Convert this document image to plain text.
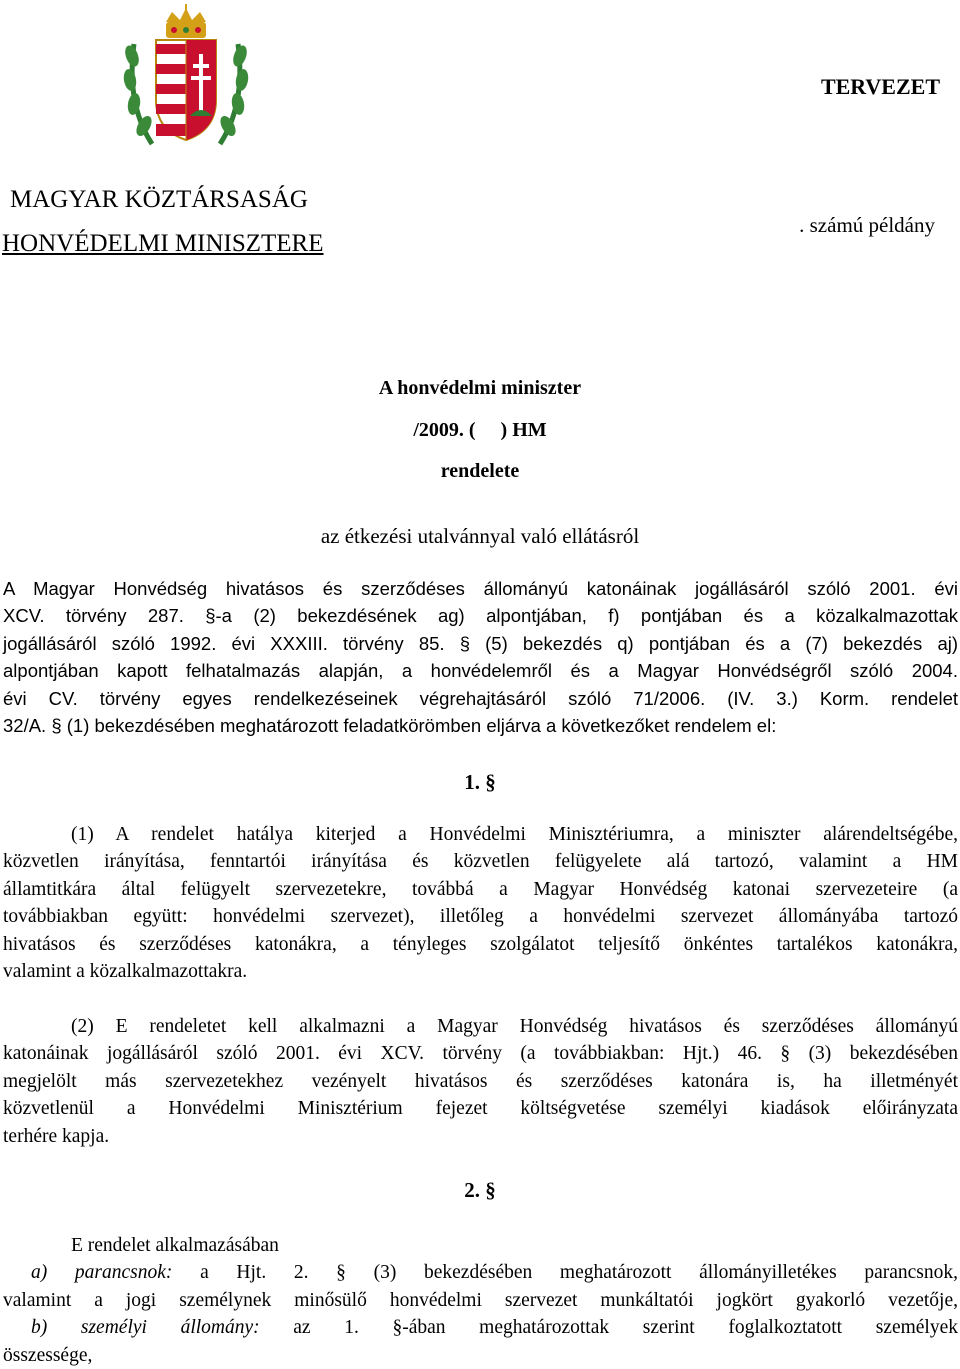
TERVEZET
MAGYAR KÖZTÁRSASÁG
HONVÉDELMI MINISZTERE
. számú példány
A honvédelmi miniszter
/2009. (     ) HM
rendelete
az étkezési utalvánnyal való ellátásról
A Magyar Honvédség hivatásos és szerződéses állományú katonáinak jogállásáról szóló 2001. évi
XCV. törvény 287. §-a (2) bekezdésének ag) alpontjában, f) pontjában és a közalkalmazottak
jogállásáról szóló 1992. évi XXXIII. törvény 85. § (5) bekezdés q) pontjában és a (7) bekezdés aj)
alpontjában kapott felhatalmazás alapján, a honvédelemről és a Magyar Honvédségről szóló 2004.
évi CV. törvény egyes rendelkezéseinek végrehajtásáról szóló 71/2006. (IV. 3.) Korm. rendelet
32/A. § (1) bekezdésében meghatározott feladatkörömben eljárva a következőket rendelem el:
1. §
(1) A rendelet hatálya kiterjed a Honvédelmi Minisztériumra, a miniszter alárendeltségébe,
közvetlen irányítása, fenntartói irányítása és közvetlen felügyelete alá tartozó, valamint a HM
államtitkára által felügyelt szervezetekre, továbbá a Magyar Honvédség katonai szervezeteire (a
továbbiakban együtt: honvédelmi szervezet), illetőleg a honvédelmi szervezet állományába tartozó
hivatásos és szerződéses katonákra, a tényleges szolgálatot teljesítő önkéntes tartalékos katonákra,
valamint a közalkalmazottakra.
(2) E rendeletet kell alkalmazni a Magyar Honvédség hivatásos és szerződéses állományú
katonáinak jogállásáról szóló 2001. évi XCV. törvény (a továbbiakban: Hjt.) 46. § (3) bekezdésében
megjelölt más szervezetekhez vezényelt hivatásos és szerződéses katonára is, ha illetményét
közvetlenül a Honvédelmi Minisztérium fejezet költségvetése személyi kiadások előirányzata
terhére kapja.
2. §
E rendelet alkalmazásában
a) parancsnok: a Hjt. 2. § (3) bekezdésében meghatározott állományilletékes parancsnok,
valamint a jogi személynek minősülő honvédelmi szervezet munkáltatói jogkört gyakorló vezetője,
b) személyi állomány: az 1. §-ában meghatározottak szerint foglalkoztatott személyek
összessége,
